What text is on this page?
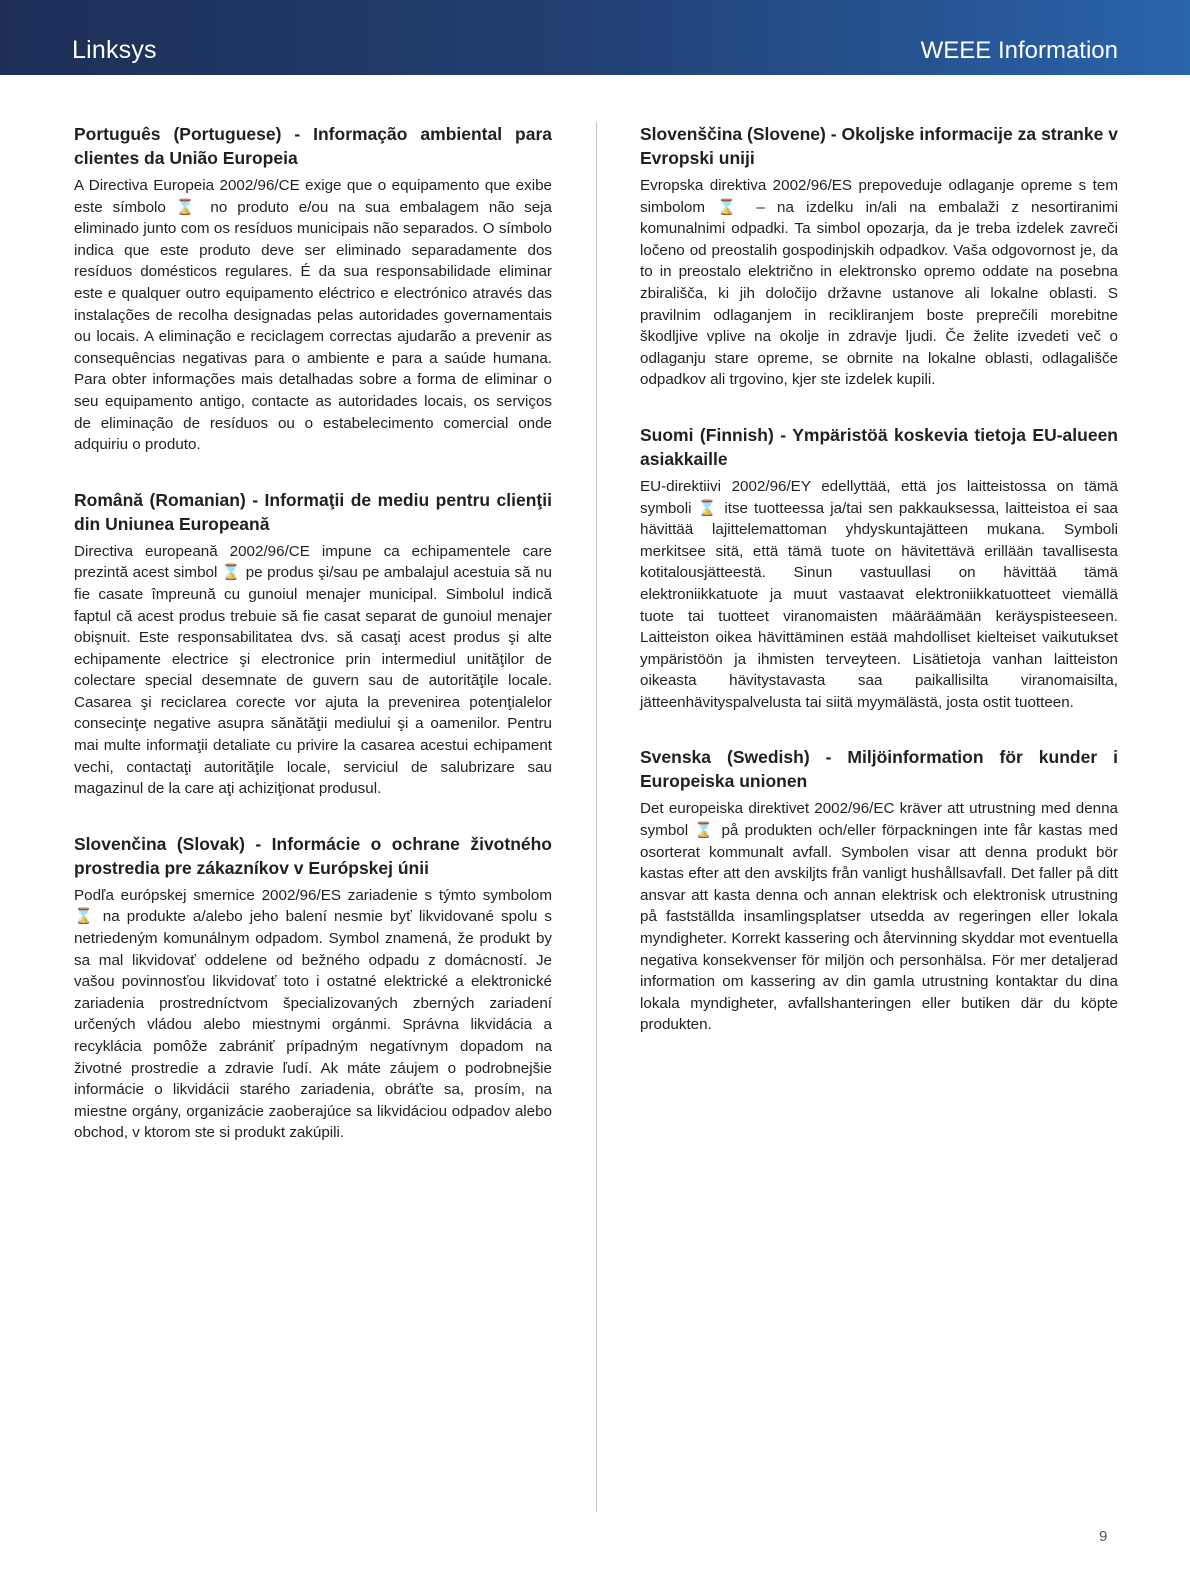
Linksys	WEEE Information
Português (Portuguese) - Informação ambiental para clientes da União Europeia

A Directiva Europeia 2002/96/CE exige que o equipamento que exibe este símbolo ⌛ no produto e/ou na sua embalagem não seja eliminado junto com os resíduos municipais não separados. O símbolo indica que este produto deve ser eliminado separadamente dos resíduos domésticos regulares. É da sua responsabilidade eliminar este e qualquer outro equipamento eléctrico e electrónico através das instalações de recolha designadas pelas autoridades governamentais ou locais. A eliminação e reciclagem correctas ajudarão a prevenir as consequências negativas para o ambiente e para a saúde humana. Para obter informações mais detalhadas sobre a forma de eliminar o seu equipamento antigo, contacte as autoridades locais, os serviços de eliminação de resíduos ou o estabelecimento comercial onde adquiriu o produto.

Română (Romanian) - Informaţii de mediu pentru clienţii din Uniunea Europeană

Directiva europeană 2002/96/CE impune ca echipamentele care prezintă acest simbol ⌛ pe produs şi/sau pe ambalajul acestuia să nu fie casate împreună cu gunoiul menajer municipal. Simbolul indică faptul că acest produs trebuie să fie casat separat de gunoiul menajer obişnuit. Este responsabilitatea dvs. să casaţi acest produs şi alte echipamente electrice şi electronice prin intermediul unităţilor de colectare special desemnate de guvern sau de autorităţile locale. Casarea şi reciclarea corecte vor ajuta la prevenirea potenţialelor consecinţe negative asupra sănătăţii mediului şi a oamenilor. Pentru mai multe informaţii detaliate cu privire la casarea acestui echipament vechi, contactaţi autorităţile locale, serviciul de salubrizare sau magazinul de la care aţi achiziţionat produsul.

Slovenčina (Slovak) - Informácie o ochrane životného prostredia pre zákazníkov v Európskej únii

Podľa európskej smernice 2002/96/ES zariadenie s týmto symbolom ⌛ na produkte a/alebo jeho balení nesmie byť likvidované spolu s netriedeným komunálnym odpadom. Symbol znamená, že produkt by sa mal likvidovať oddelene od bežného odpadu z domácností. Je vašou povinnosťou likvidovať toto i ostatné elektrické a elektronické zariadenia prostredníctvom špecializovaných zberných zariadení určených vládou alebo miestnymi orgánmi. Správna likvidácia a recyklácia pomôže zabrániť prípadným negatívnym dopadom na životné prostredie a zdravie ľudí. Ak máte záujem o podrobnejšie informácie o likvidácii starého zariadenia, obráťte sa, prosím, na miestne orgány, organizácie zaoberajúce sa likvidáciou odpadov alebo obchod, v ktorom ste si produkt zakúpili.

Slovenščina (Slovene) - Okoljske informacije za stranke v Evropski uniji

Evropska direktiva 2002/96/ES prepoveduje odlaganje opreme s tem simbolom ⌛ – na izdelku in/ali na embalaži z nesortiranimi komunalnimi odpadki. Ta simbol opozarja, da je treba izdelek zavreči ločeno od preostalih gospodinjskih odpadkov. Vaša odgovornost je, da to in preostalo električno in elektronsko opremo oddate na posebna zbirališča, ki jih določijo državne ustanove ali lokalne oblasti. S pravilnim odlaganjem in recikliranjem boste preprečili morebitne škodljive vplive na okolje in zdravje ljudi. Če želite izvedeti več o odlaganju stare opreme, se obrnite na lokalne oblasti, odlagališče odpadkov ali trgovino, kjer ste izdelek kupili.

Suomi (Finnish) - Ympäristöä koskevia tietoja EU-alueen asiakkaille

EU-direktiivi 2002/96/EY edellyttää, että jos laitteistossa on tämä symboli ⌛ itse tuotteessa ja/tai sen pakkauksessa, laitteistoa ei saa hävittää lajittelemattoman yhdyskuntajätteen mukana. Symboli merkitsee sitä, että tämä tuote on hävitettävä erillään tavallisesta kotitalousjätteestä. Sinun vastuullasi on hävittää tämä elektroniikkatuote ja muut vastaavat elektroniikkatuotteet viemällä tuote tai tuotteet viranomaisten määräämään keräyspisteeseen. Laitteiston oikea hävittäminen estää mahdolliset kielteiset vaikutukset ympäristöön ja ihmisten terveyteen. Lisätietoja vanhan laitteiston oikeasta hävitystavasta saa paikallisilta viranomaisilta, jätteenhävityspalvelusta tai siitä myymälästä, josta ostit tuotteen.

Svenska (Swedish) - Miljöinformation för kunder i Europeiska unionen

Det europeiska direktivet 2002/96/EC kräver att utrustning med denna symbol ⌛ på produkten och/eller förpackningen inte får kastas med osorterat kommunalt avfall. Symbolen visar att denna produkt bör kastas efter att den avskiljts från vanligt hushållsavfall. Det faller på ditt ansvar att kasta denna och annan elektrisk och elektronisk utrustning på fastställda insamlingsplatser utsedda av regeringen eller lokala myndigheter. Korrekt kassering och återvinning skyddar mot eventuella negativa konsekvenser för miljön och personhälsa. För mer detaljerad information om kassering av din gamla utrustning kontaktar du dina lokala myndigheter, avfallshanteringen eller butiken där du köpte produkten.

9
